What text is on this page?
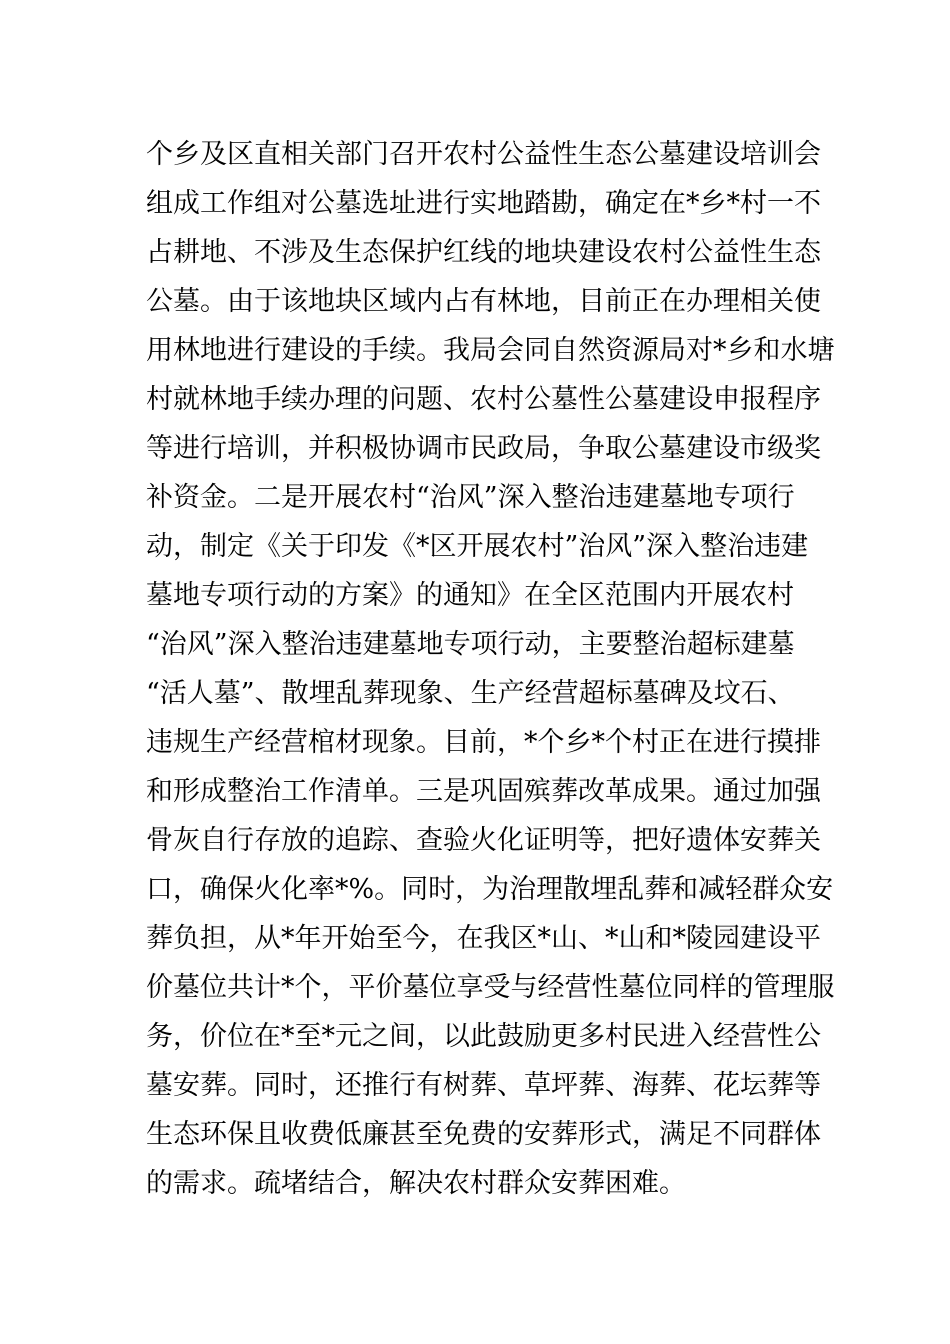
个乡及区直相关部门召开农村公益性生态公墓建设培训会
组成工作组对公墓选址进行实地踏勘，确定在*乡*村一不
占耕地、不涉及生态保护红线的地块建设农村公益性生态
公墓。由于该地块区域内占有林地，目前正在办理相关使
用林地进行建设的手续。我局会同自然资源局对*乡和水塘
村就林地手续办理的问题、农村公墓性公墓建设申报程序
等进行培训，并积极协调市民政局，争取公墓建设市级奖
补资金。二是开展农村“治风”深入整治违建墓地专项行
动，制定《关于印发《*区开展农村”治风”深入整治违建
墓地专项行动的方案》的通知》在全区范围内开展农村
“治风”深入整治违建墓地专项行动，主要整治超标建墓
“活人墓”、散埋乱葬现象、生产经营超标墓碑及坟石、
违规生产经营棺材现象。目前，*个乡*个村正在进行摸排
和形成整治工作清单。三是巩固殡葬改革成果。通过加强
骨灰自行存放的追踪、查验火化证明等，把好遗体安葬关
口，确保火化率*%。同时，为治理散埋乱葬和减轻群众安
葬负担，从*年开始至今，在我区*山、*山和*陵园建设平
价墓位共计*个，平价墓位享受与经营性墓位同样的管理服
务，价位在*至*元之间，以此鼓励更多村民进入经营性公
墓安葬。同时，还推行有树葬、草坪葬、海葬、花坛葬等
生态环保且收费低廉甚至免费的安葬形式，满足不同群体
的需求。疏堵结合，解决农村群众安葬困难。
